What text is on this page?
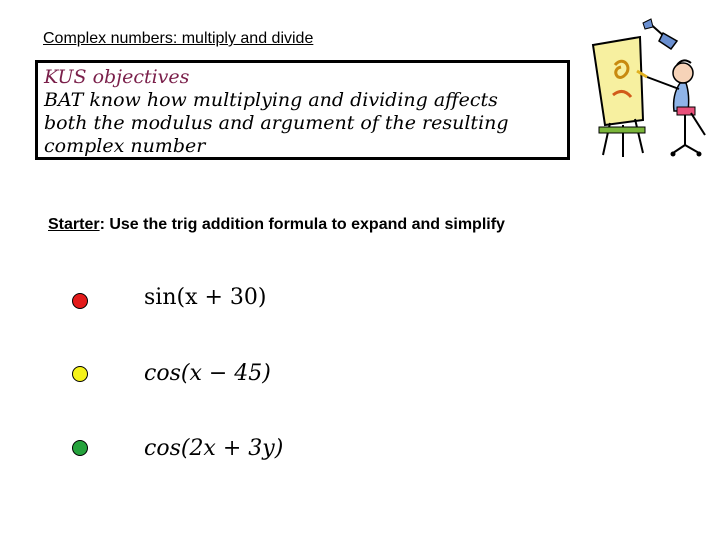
Complex numbers: multiply and divide
KUS objectives
BAT know how multiplying and dividing affects
both the modulus and argument of the resulting
complex number
Starter: Use the trig addition formula to expand and simplify
sin(x + 30)
cos(x − 45)
cos(2x + 3y)
